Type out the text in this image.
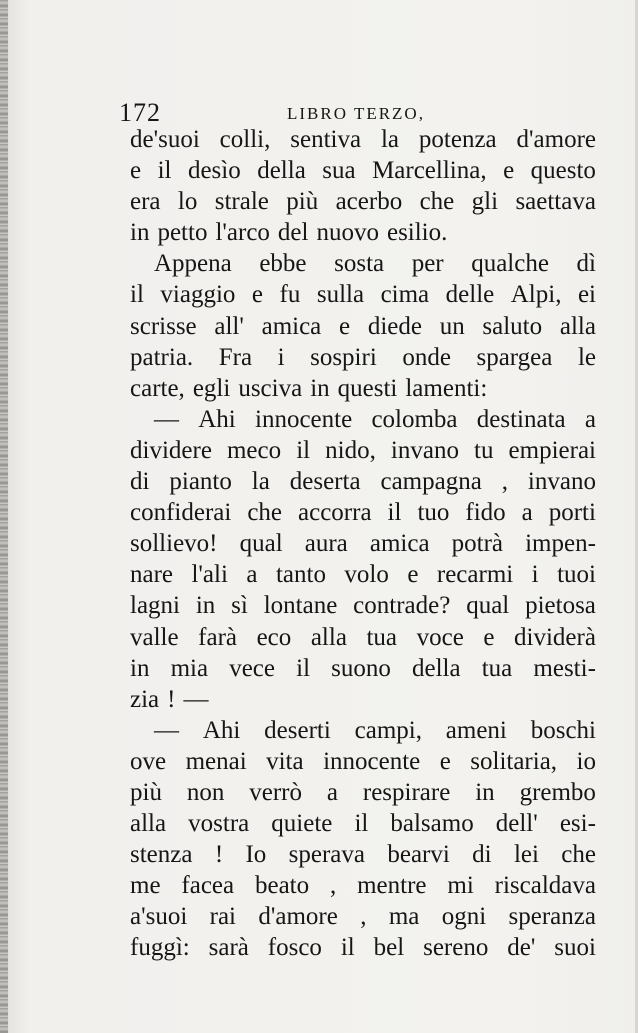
172	LIBRO TERZO,
de'suoi colli, sentiva la potenza d'amore
e il desìo della sua Marcellina, e questo
era lo strale più acerbo che gli saettava
in petto l'arco del nuovo esilio.
Appena ebbe sosta per qualche dì
il viaggio e fu sulla cima delle Alpi, ei
scrisse all' amica e diede un saluto alla
patria. Fra i sospiri onde spargea le
carte, egli usciva in questi lamenti:
— Ahi innocente colomba destinata a
dividere meco il nido, invano tu empierai
di pianto la deserta campagna , invano
confiderai che accorra il tuo fido a porti
sollievo! qual aura amica potrà impen-
nare l'ali a tanto volo e recarmi i tuoi
lagni in sì lontane contrade? qual pietosa
valle farà eco alla tua voce e dividerà
in mia vece il suono della tua mesti-
zia ! —
— Ahi deserti campi, ameni boschi
ove menai vita innocente e solitaria, io
più non verrò a respirare in grembo
alla vostra quiete il balsamo dell' esi-
stenza ! Io sperava bearvi di lei che
me facea beato , mentre mi riscaldava
a'suoi rai d'amore , ma ogni speranza
fuggì: sarà fosco il bel sereno de' suoi
